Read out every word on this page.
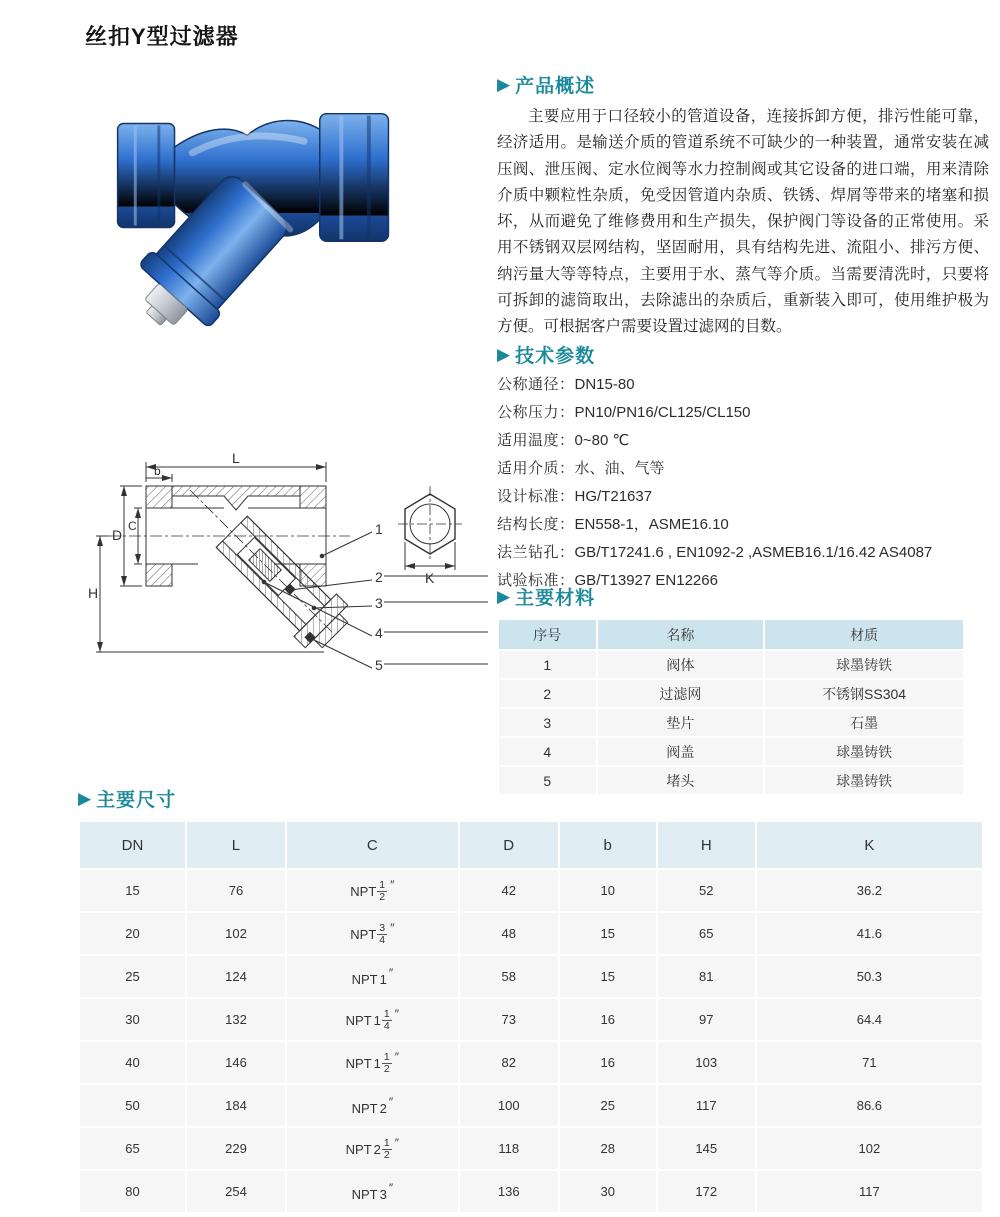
丝扣Y型过滤器
▶ 产品概述

主要应用于口径较小的管道设备，连接拆卸方便，排污性能可靠，经济适用。是输送介质的管道系统不可缺少的一种装置，通常安装在减压阀、泄压阀、定水位阀等水力控制阀或其它设备的进口端，用来清除介质中颗粒性杂质，免受因管道内杂质、铁锈、焊屑等带来的堵塞和损坏，从而避免了维修费用和生产损失，保护阀门等设备的正常使用。采用不锈钢双层网结构，坚固耐用，具有结构先进、流阻小、排污方便、纳污量大等等特点，主要用于水、蒸气等介质。当需要清洗时，只要将可拆卸的滤筒取出，去除滤出的杂质后，重新装入即可，使用维护极为方便。可根据客户需要设置过滤网的目数。

▶ 技术参数
公称通径：DN15-80
公称压力：PN10/PN16/CL125/CL150
适用温度：0~80 ℃
适用介质：水、油、气等
设计标准：HG/T21637
结构长度：EN558-1，ASME16.10
法兰钻孔：GB/T17241.6 , EN1092-2 ,ASMEB16.1/16.42 AS4087
试验标准：GB/T13927 EN12266
L
b
D
C
H
K
1
2
3
4
5
▶ 主要材料
序号	名称	材质
1	阀体	球墨铸铁
2	过滤网	不锈钢SS304
3	垫片	石墨
4	阀盖	球墨铸铁
5	堵头	球墨铸铁
▶ 主要尺寸
DN	L	C	D	b	H	K
15	76	NPT $\frac{1}{2}$ ″	42	10	52	36.2
20	102	NPT $\frac{3}{4}$ ″	48	15	65	41.6
25	124	NPT 1 ″	58	15	81	50.3
30	132	NPT $1 \frac{1}{4}$ ″	73	16	97	64.4
40	146	NPT $1 \frac{1}{2}$ ″	82	16	103	71
50	184	NPT 2 ″	100	25	117	86.6
65	229	NPT $2 \frac{1}{2}$ ″	118	28	145	102
80	254	NPT 3 ″	136	30	172	117
